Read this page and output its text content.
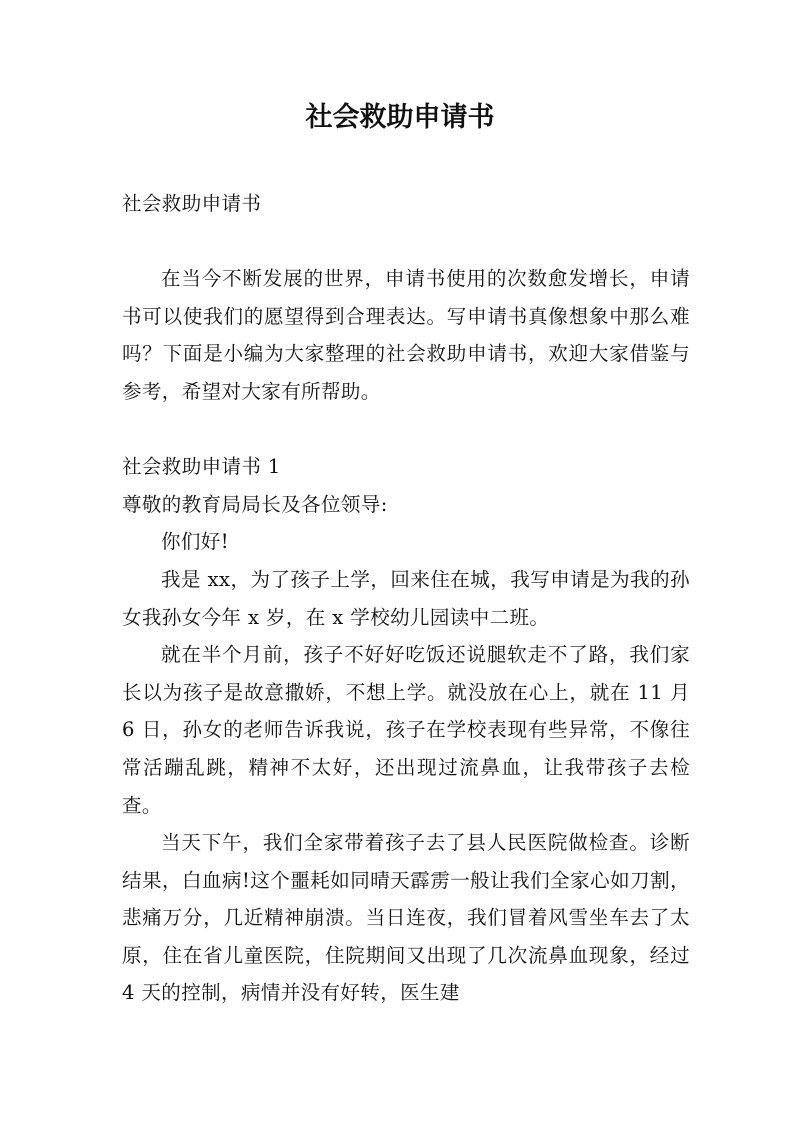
社会救助申请书

社会救助申请书

在当今不断发展的世界，申请书使用的次数愈发增长，申请书可以使我们的愿望得到合理表达。写申请书真像想象中那么难吗？下面是小编为大家整理的社会救助申请书，欢迎大家借鉴与参考，希望对大家有所帮助。

社会救助申请书 1

尊敬的教育局局长及各位领导:

你们好!

我是 xx，为了孩子上学，回来住在城，我写申请是为我的孙女我孙女今年 x 岁，在 x 学校幼儿园读中二班。

就在半个月前，孩子不好好吃饭还说腿软走不了路，我们家长以为孩子是故意撒娇，不想上学。就没放在心上，就在 11 月 6 日，孙女的老师告诉我说，孩子在学校表现有些异常，不像往常活蹦乱跳，精神不太好，还出现过流鼻血，让我带孩子去检查。

当天下午，我们全家带着孩子去了县人民医院做检查。诊断结果，白血病!这个噩耗如同晴天霹雳一般让我们全家心如刀割，悲痛万分，几近精神崩溃。当日连夜，我们冒着风雪坐车去了太原，住在省儿童医院，住院期间又出现了几次流鼻血现象，经过 4 天的控制，病情并没有好转，医生建
